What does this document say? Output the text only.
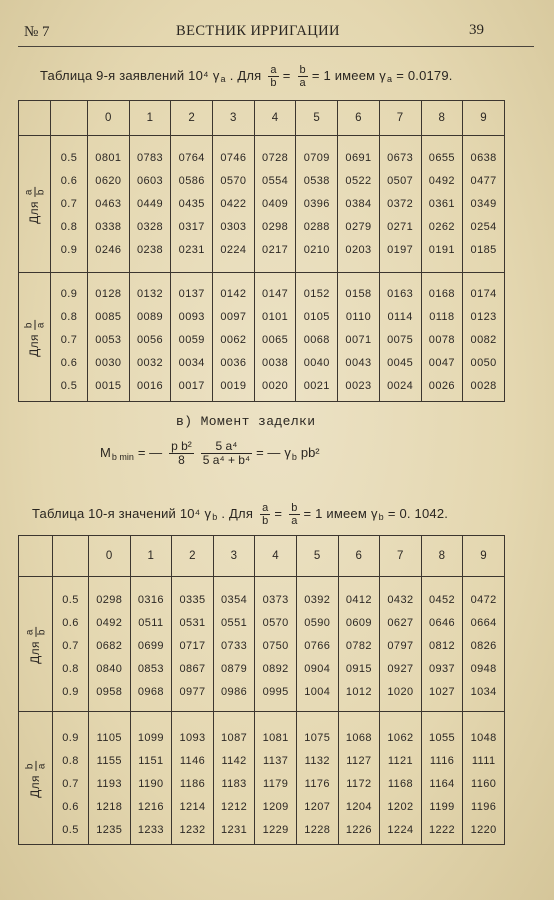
№ 7	ВЕСТНИК ИРРИГАЦИИ	39
Таблица 9-я заявлений 10⁴ $\gamma_a$ . Для $\frac{a}{b} = \frac{b}{a} = 1$ имеем $\gamma_a = 0.0179$.
		0	1	2	3	4	5	6	7	8	9

Для
a b											

	0.5	0801	0783	0764	0746	0728	0709	0691	0673	0655	0638
	0.6	0620	0603	0586	0570	0554	0538	0522	0507	0492	0477
	0.7	0463	0449	0435	0422	0409	0396	0384	0372	0361	0349
	0.8	0338	0328	0317	0303	0298	0288	0279	0271	0262	0254
	0.9	0246	0238	0231	0224	0217	0210	0203	0197	0191	0185

Для
b a											

	0.9	0128	0132	0137	0142	0147	0152	0158	0163	0168	0174
	0.8	0085	0089	0093	0097	0101	0105	0110	0114	0118	0123
	0.7	0053	0056	0059	0062	0065	0068	0071	0075	0078	0082
	0.6	0030	0032	0034	0036	0038	0040	0043	0045	0047	0050
	0.5	0015	0016	0017	0019	0020	0021	0023	0024	0026	0028

в) Момент заделки
$M_{b min}$ = — $\frac{\text{p b²}}{8} \frac{\text{5 a⁴}}{\text{5 a⁴ + b⁴}}$ = — $\gamma_b$ pb²
Таблица 10-я значений 10⁴ $\gamma_b$ . Для $\frac{a}{b} = \frac{b}{a} = 1$ имеем $\gamma_b = 0$. 1042.
		0	1	2	3	4	5	6	7	8	9

Для
a b											

	0.5	0298	0316	0335	0354	0373	0392	0412	0432	0452	0472
	0.6	0492	0511	0531	0551	0570	0590	0609	0627	0646	0664
	0.7	0682	0699	0717	0733	0750	0766	0782	0797	0812	0826
	0.8	0840	0853	0867	0879	0892	0904	0915	0927	0937	0948
	0.9	0958	0968	0977	0986	0995	1004	1012	1020	1027	1034

Для
b a											

	0.9	1105	1099	1093	1087	1081	1075	1068	1062	1055	1048
	0.8	1155	1151	1146	1142	1137	1132	1127	1121	1116	1111
	0.7	1193	1190	1186	1183	1179	1176	1172	1168	1164	1160
	0.6	1218	1216	1214	1212	1209	1207	1204	1202	1199	1196
	0.5	1235	1233	1232	1231	1229	1228	1226	1224	1222	1220
